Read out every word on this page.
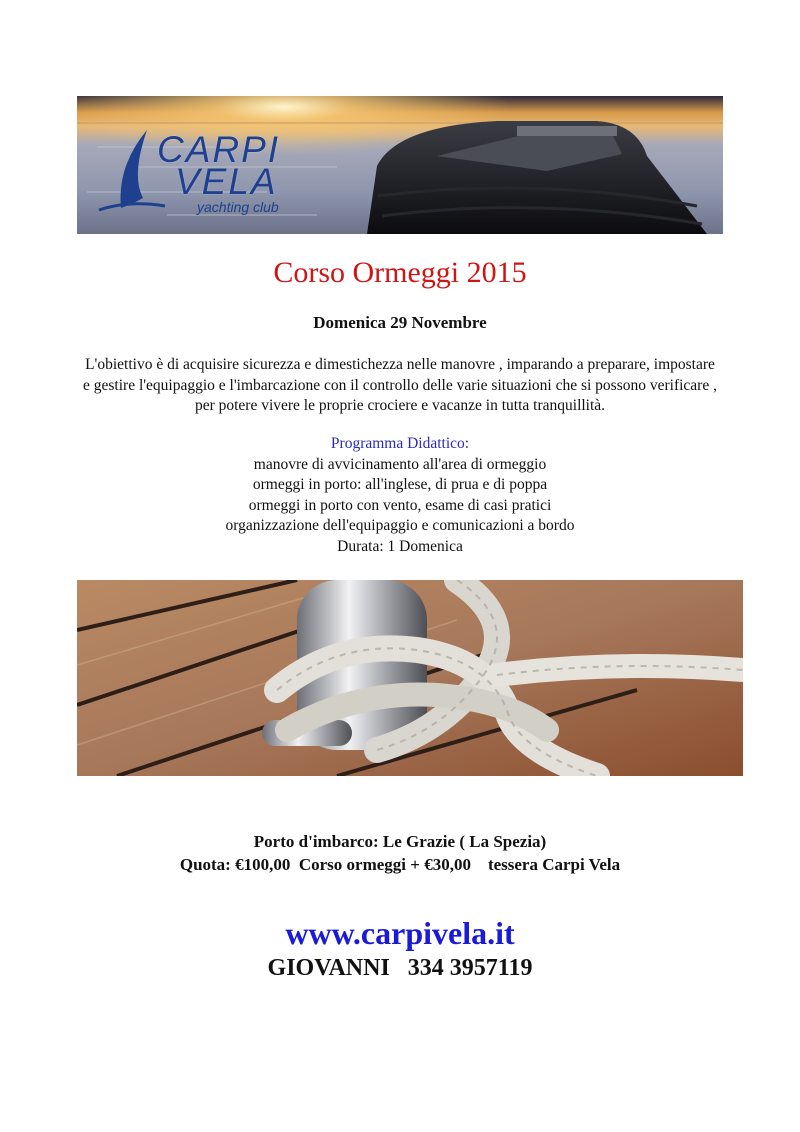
CARPI
VELA
yachting club
Corso Ormeggi 2015
Domenica 29 Novembre

L'obiettivo è di acquisire sicurezza e dimestichezza nelle manovre , imparando a preparare, impostare e gestire l'equipaggio e l'imbarcazione con il controllo delle varie situazioni che si possono verificare , per potere vivere le proprie crociere e vacanze in tutta tranquillità.

Programma Didattico:
manovre di avvicinamento all'area di ormeggio
ormeggi in porto: all'inglese, di prua e di poppa
ormeggi in porto con vento, esame di casi pratici
organizzazione dell'equipaggio e comunicazioni a bordo
Durata: 1 Domenica
Porto d'imbarco: Le Grazie ( La Spezia)
Quota: €100,00  Corso ormeggi + €30,00    tessera Carpi Vela
www.carpivela.it
GIOVANNI   334 3957119
